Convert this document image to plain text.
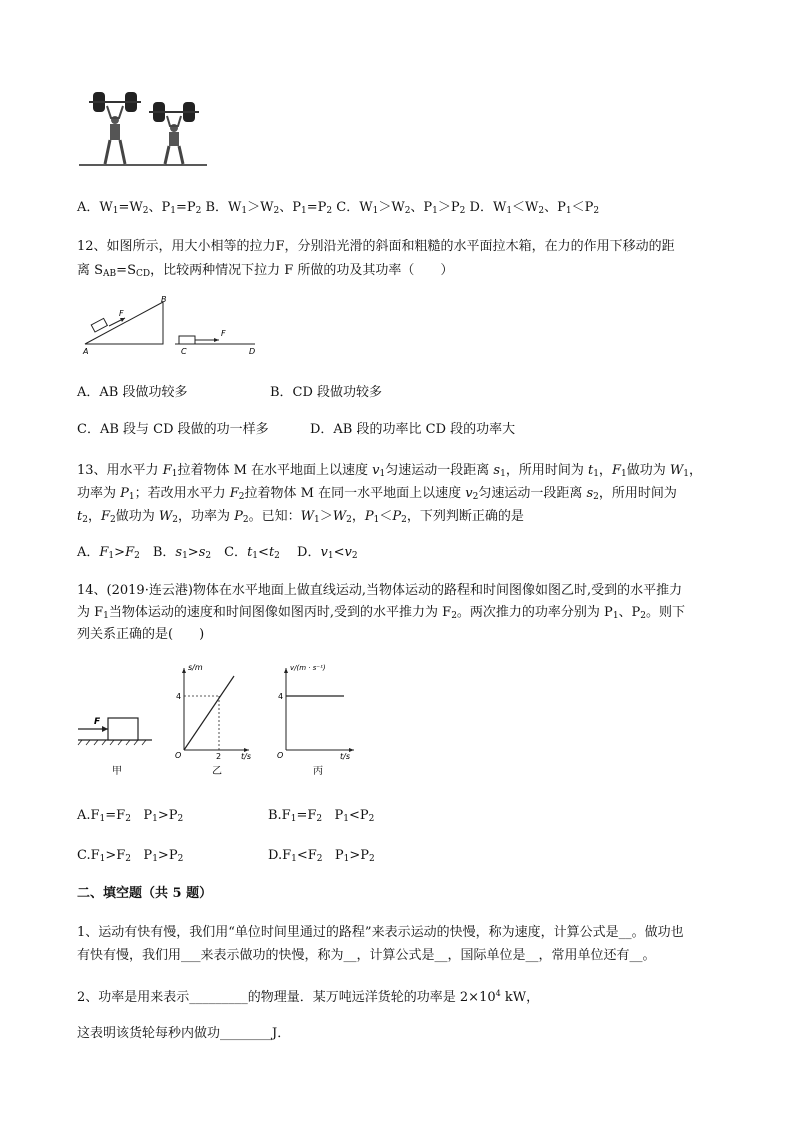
A．$W_1=W_2$、$P_1=P_2$ B．$W_1>W_2$、$P_1=P_2$ C．$W_1>W_2$、$P_1>P_2$ D．$W_1<W_2$、$P_1<P_2$
12、如图所示，用大小相等的拉力F，分别沿光滑的斜面和粗糙的水平面拉木箱，在力的作用下移动的距
离 $S_{AB}=S_{CD}$，比较两种情况下拉力 F 所做的功及其功率（　　）
F
A
B
F
C	D
A．AB 段做功较多	B．CD 段做功较多
C．AB 段与 CD 段做的功一样多	D．AB 段的功率比 CD 段的功率大
13、用水平力 $F_1$拉着物体 M 在水平地面上以速度 $v_1$匀速运动一段距离 $s_1$，所用时间为 $t_1$，$F_1$做功为 $W_1$，
功率为 $P_1$；若改用水平力 $F_2$拉着物体 M 在同一水平地面上以速度 $v_2$匀速运动一段距离 $s_2$，所用时间为
$t_2$，$F_2$做功为 $W_2$，功率为 $P_2$。已知：$W_1>W_2$，$P_1<P_2$，下列判断正确的是
A．$F_1>F_2$　B．$s_1>s_2$　C．$t_1<t_2$　 D．$v_1<v_2$
14、(2019·连云港)物体在水平地面上做直线运动,当物体运动的路程和时间图像如图乙时,受到的水平推力
为 $F_1$当物体运动的速度和时间图像如图丙时,受到的水平推力为 $F_2$。两次推力的功率分别为 $P_1$、$P_2$。则下
列关系正确的是(　　)
F
甲
s/m
4
O	2 t/s
乙
v/(m · s⁻¹)
4
O	t/s
丙
$A.F_1=F_2$   $P_1>P_2$	$B.F_1=F_2$   $P_1<P_2$
$C.F_1>F_2$   $P_1>P_2$	$D.F_1<F_2$   $P_1>P_2$
二、填空题（共 5 题）
1、运动有快有慢，我们用“单位时间里通过的路程”来表示运动的快慢，称为速度，计算公式是__。做功也
有快有慢，我们用___来表示做功的快慢，称为__，计算公式是__，国际单位是__，常用单位还有__。
2、功率是用来表示_________的物理量．某万吨远洋货轮的功率是 $2\times 10^4$ kW，
这表明该货轮每秒内做功________J．
